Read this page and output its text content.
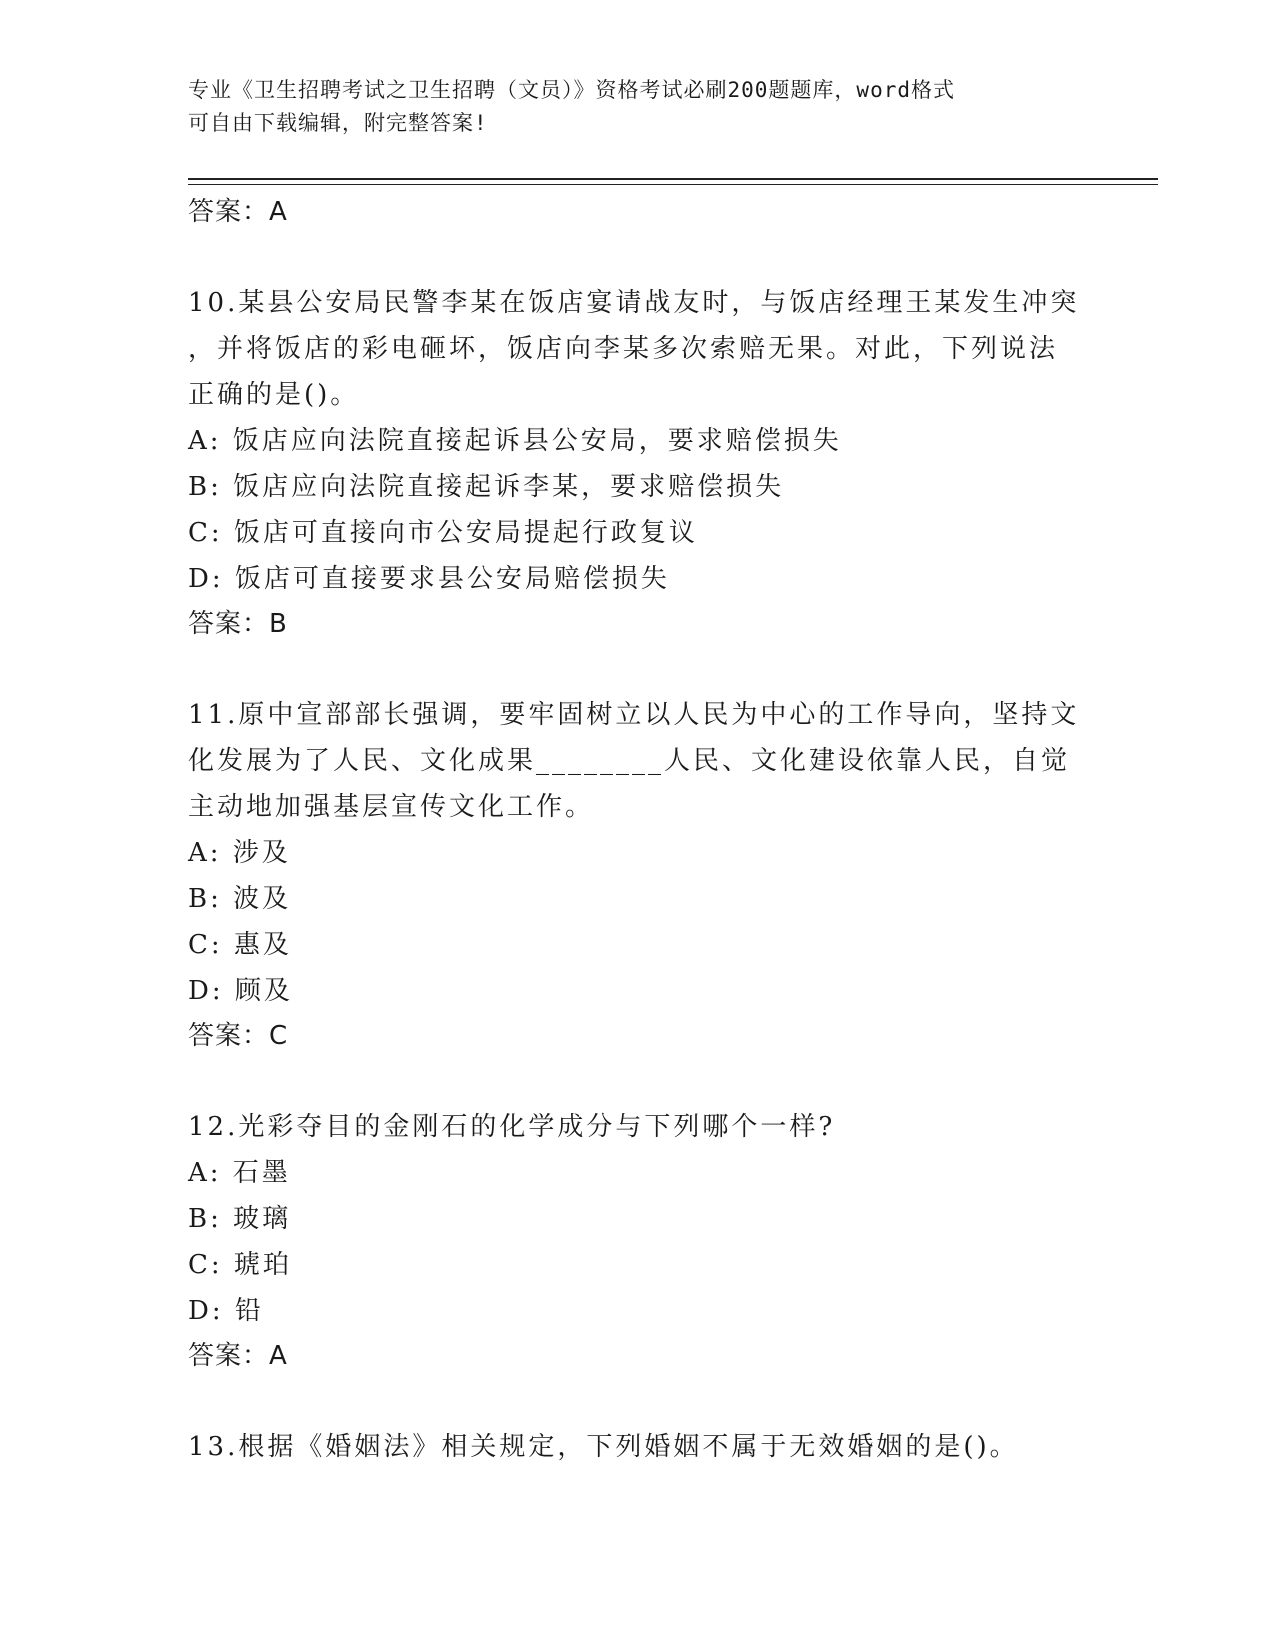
专业《卫生招聘考试之卫生招聘（文员）》资格考试必刷200题题库，word格式
可自由下载编辑，附完整答案!
答案：A
10.某县公安局民警李某在饭店宴请战友时，与饭店经理王某发生冲突
，并将饭店的彩电砸坏，饭店向李某多次索赔无果。对此，下列说法
正确的是()。
A: 饭店应向法院直接起诉县公安局，要求赔偿损失
B: 饭店应向法院直接起诉李某，要求赔偿损失
C: 饭店可直接向市公安局提起行政复议
D: 饭店可直接要求县公安局赔偿损失
答案：B
11.原中宣部部长强调，要牢固树立以人民为中心的工作导向，坚持文
化发展为了人民、文化成果________人民、文化建设依靠人民，自觉
主动地加强基层宣传文化工作。
A: 涉及
B: 波及
C: 惠及
D: 顾及
答案：C
12.光彩夺目的金刚石的化学成分与下列哪个一样?
A: 石墨
B: 玻璃
C: 琥珀
D: 铅
答案：A
13.根据《婚姻法》相关规定，下列婚姻不属于无效婚姻的是()。
